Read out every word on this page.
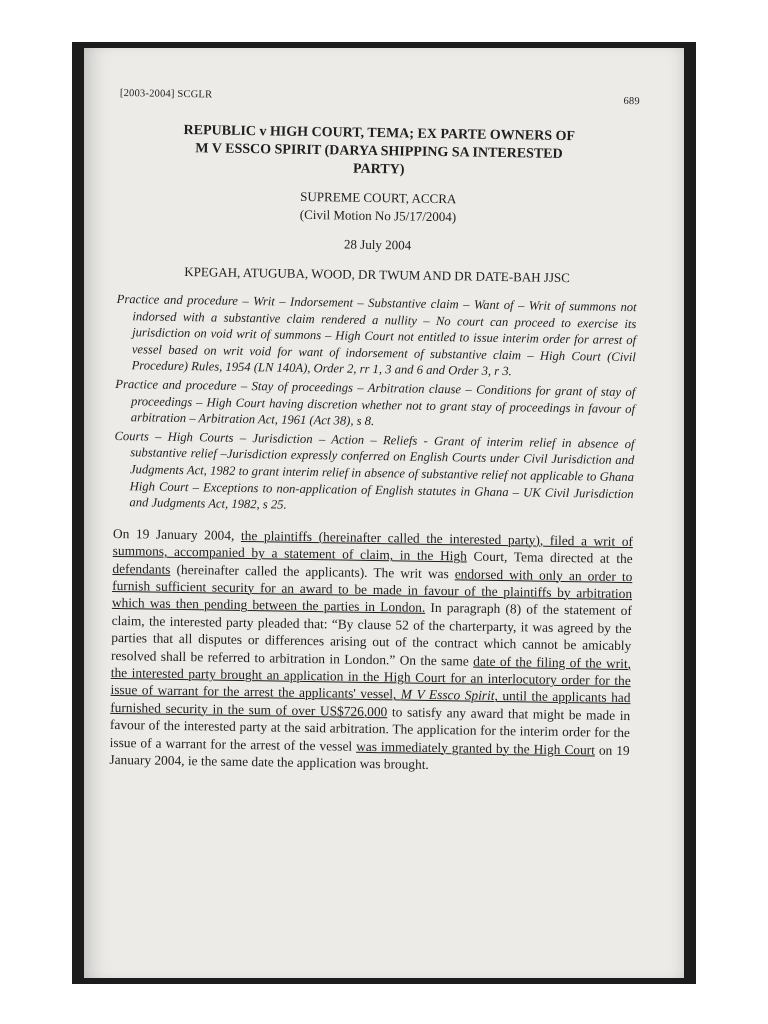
[2003-2004] SCGLR
689
REPUBLIC v HIGH COURT, TEMA; EX PARTE OWNERS OF M V ESSCO SPIRIT (DARYA SHIPPING SA INTERESTED PARTY)
SUPREME COURT, ACCRA
(Civil Motion No J5/17/2004)
28 July 2004
KPEGAH, ATUGUBA, WOOD, DR TWUM AND DR DATE-BAH JJSC

Practice and procedure – Writ – Indorsement – Substantive claim – Want of – Writ of summons not indorsed with a substantive claim rendered a nullity – No court can proceed to exercise its jurisdiction on void writ of summons – High Court not entitled to issue interim order for arrest of vessel based on writ void for want of indorsement of substantive claim – High Court (Civil Procedure) Rules, 1954 (LN 140A), Order 2, rr 1, 3 and 6 and Order 3, r 3.

Practice and procedure – Stay of proceedings – Arbitration clause – Conditions for grant of stay of proceedings – High Court having discretion whether not to grant stay of proceedings in favour of arbitration – Arbitration Act, 1961 (Act 38), s 8.

Courts – High Courts – Jurisdiction – Action – Reliefs - Grant of interim relief in absence of substantive relief –Jurisdiction expressly conferred on English Courts under Civil Jurisdiction and Judgments Act, 1982 to grant interim relief in absence of substantive relief not applicable to Ghana High Court – Exceptions to non-application of English statutes in Ghana – UK Civil Jurisdiction and Judgments Act, 1982, s 25.

On 19 January 2004, the plaintiffs (hereinafter called the interested party), filed a writ of summons, accompanied by a statement of claim, in the High Court, Tema directed at the defendants (hereinafter called the applicants). The writ was endorsed with only an order to furnish sufficient security for an award to be made in favour of the plaintiffs by arbitration which was then pending between the parties in London. In paragraph (8) of the statement of claim, the interested party pleaded that: “By clause 52 of the charterparty, it was agreed by the parties that all disputes or differences arising out of the contract which cannot be amicably resolved shall be referred to arbitration in London.” On the same date of the filing of the writ, the interested party brought an application in the High Court for an interlocutory order for the issue of warrant for the arrest the applicants' vessel, M V Essco Spirit, until the applicants had furnished security in the sum of over US$726,000 to satisfy any award that might be made in favour of the interested party at the said arbitration. The application for the interim order for the issue of a warrant for the arrest of the vessel was immediately granted by the High Court on 19 January 2004, ie the same date the application was brought.
